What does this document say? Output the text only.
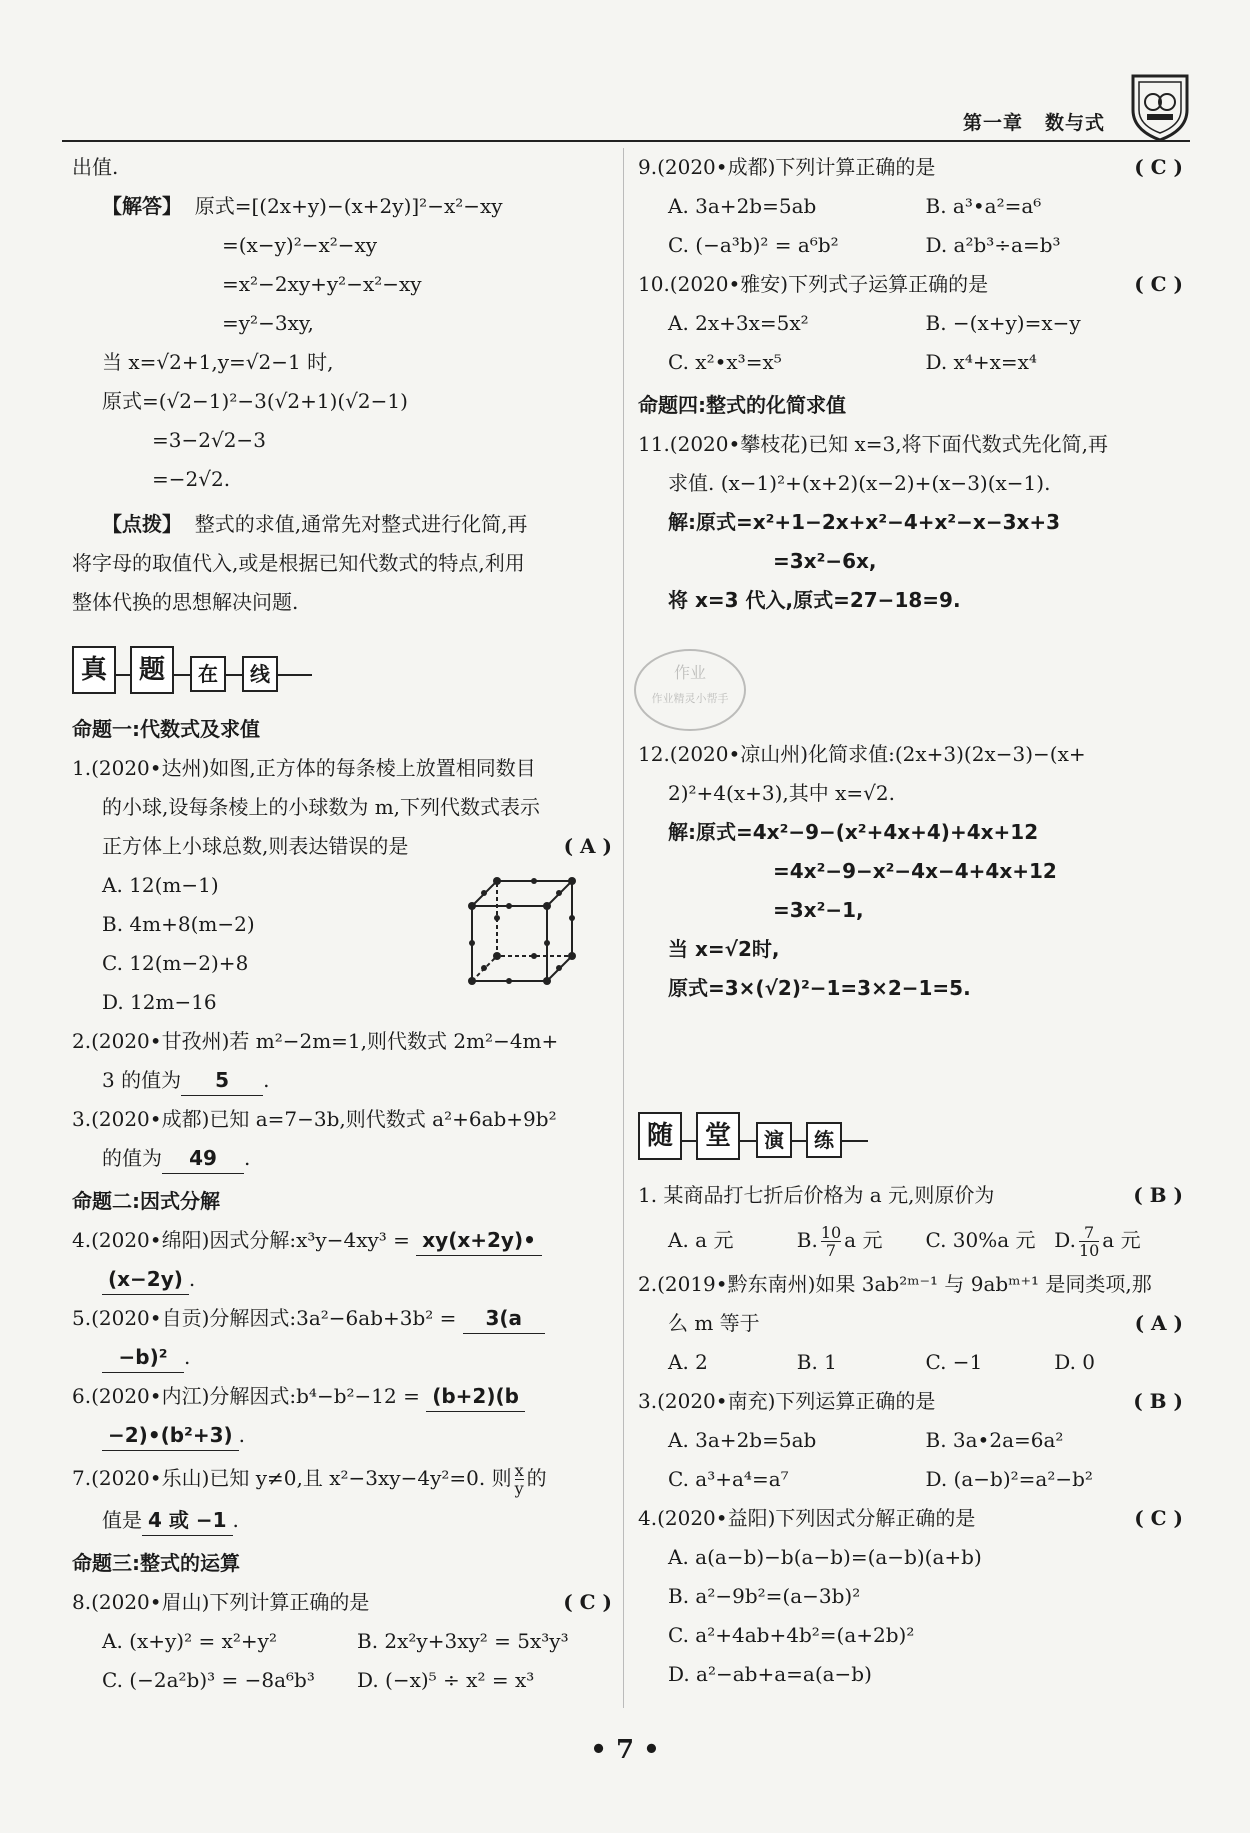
第一章 数与式
出值.
【解答】 原式=[(2x+y)−(x+2y)]²−x²−xy
=(x−y)²−x²−xy
=x²−2xy+y²−x²−xy
=y²−3xy,
当 x=√2+1,y=√2−1 时,
原式=(√2−1)²−3(√2+1)(√2−1)
=3−2√2−3
=−2√2.
【点拨】 整式的求值,通常先对整式进行化简,再
将字母的取值代入,或是根据已知代数式的特点,利用
整体代换的思想解决问题.
真	题	在	线
命题一:代数式及求值
1.(2020•达州)如图,正方体的每条棱上放置相同数目
的小球,设每条棱上的小球数为 m,下列代数式表示
正方体上小球总数,则表达错误的是	( A )
A. 12(m−1)
B. 4m+8(m−2)
C. 12(m−2)+8
D. 12m−16
2.(2020•甘孜州)若 m²−2m=1,则代数式 2m²−4m+
3 的值为 5 .
3.(2020•成都)已知 a=7−3b,则代数式 a²+6ab+9b²
的值为 49 .
命题二:因式分解
4.(2020•绵阳)因式分解:x³y−4xy³ = xy(x+2y)•
(x−2y) .
5.(2020•自贡)分解因式:3a²−6ab+3b² = 3(a
−b)² .
6.(2020•内江)分解因式:b⁴−b²−12 = (b+2)(b
−2)•(b²+3) .
7.(2020•乐山)已知 y≠0,且 x²−3xy−4y²=0. 则 $\frac{x}{y}$ 的
值是 4 或 −1 .
命题三:整式的运算
8.(2020•眉山)下列计算正确的是	( C )
A. (x+y)² = x²+y²	B. 2x²y+3xy² = 5x³y³
C. (−2a²b)³ = −8a⁶b³	D. (−x)⁵ ÷ x² = x³
9.(2020•成都)下列计算正确的是	( C )
A. 3a+2b=5ab	B. a³•a²=a⁶
C. (−a³b)² = a⁶b²	D. a²b³÷a=b³
10.(2020•雅安)下列式子运算正确的是	( C )
A. 2x+3x=5x²	B. −(x+y)=x−y
C. x²•x³=x⁵	D. x⁴+x=x⁴
命题四:整式的化简求值
11.(2020•攀枝花)已知 x=3,将下面代数式先化简,再
求值. (x−1)²+(x+2)(x−2)+(x−3)(x−1).
解:原式=x²+1−2x+x²−4+x²−x−3x+3
=3x²−6x,
将 x=3 代入,原式=27−18=9.
12.(2020•凉山州)化简求值:(2x+3)(2x−3)−(x+
2)²+4(x+3),其中 x=√2.
解:原式=4x²−9−(x²+4x+4)+4x+12
=4x²−9−x²−4x−4+4x+12
=3x²−1,
当 x=√2时,
原式=3×(√2)²−1=3×2−1=5.
随	堂	演	练
1. 某商品打七折后价格为 a 元,则原价为	( B )
A. a 元	B. $\frac{10}{7}$ a 元	C. 30%a 元 D. $\frac{7}{10}$ a 元
2.(2019•黔东南州)如果 3ab²ᵐ⁻¹ 与 9abᵐ⁺¹ 是同类项,那
么 m 等于	( A )
A. 2	B. 1	C. −1	D. 0
3.(2020•南充)下列运算正确的是	( B )
A. 3a+2b=5ab	B. 3a•2a=6a²
C. a³+a⁴=a⁷	D. (a−b)²=a²−b²
4.(2020•益阳)下列因式分解正确的是	( C )
A. a(a−b)−b(a−b)=(a−b)(a+b)
B. a²−9b²=(a−3b)²
C. a²+4ab+4b²=(a+2b)²
D. a²−ab+a=a(a−b)
作业
作业精灵小帮手
• 7 •
